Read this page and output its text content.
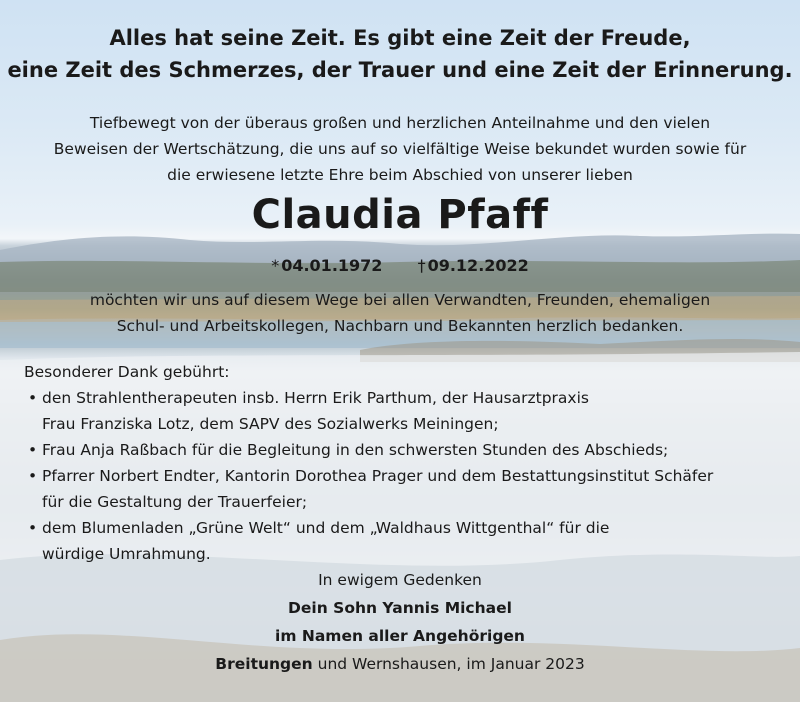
Alles hat seine Zeit. Es gibt eine Zeit der Freude,
eine Zeit des Schmerzes, der Trauer und eine Zeit der Erinnerung.
Tiefbewegt von der überaus großen und herzlichen Anteilnahme und den vielen
Beweisen der Wertschätzung, die uns auf so vielfältige Weise bekundet wurden sowie für
die erwiesene letzte Ehre beim Abschied von unserer lieben
Claudia Pfaff
* 04.01.1972 † 09.12.2022
möchten wir uns auf diesem Wege bei allen Verwandten, Freunden, ehemaligen
Schul- und Arbeitskollegen, Nachbarn und Bekannten herzlich bedanken.
Besonderer Dank gebührt:
• den Strahlentherapeuten insb. Herrn Erik Parthum, der Hausarztpraxis
Frau Franziska Lotz, dem SAPV des Sozialwerks Meiningen;
• Frau Anja Raßbach für die Begleitung in den schwersten Stunden des Abschieds;
• Pfarrer Norbert Endter, Kantorin Dorothea Prager und dem Bestattungsinstitut Schäfer
für die Gestaltung der Trauerfeier;
• dem Blumenladen „Grüne Welt“ und dem „Waldhaus Wittgenthal“ für die
würdige Umrahmung.
In ewigem Gedenken
Dein Sohn Yannis Michael
im Namen aller Angehörigen
Breitungen und Wernshausen, im Januar 2023
